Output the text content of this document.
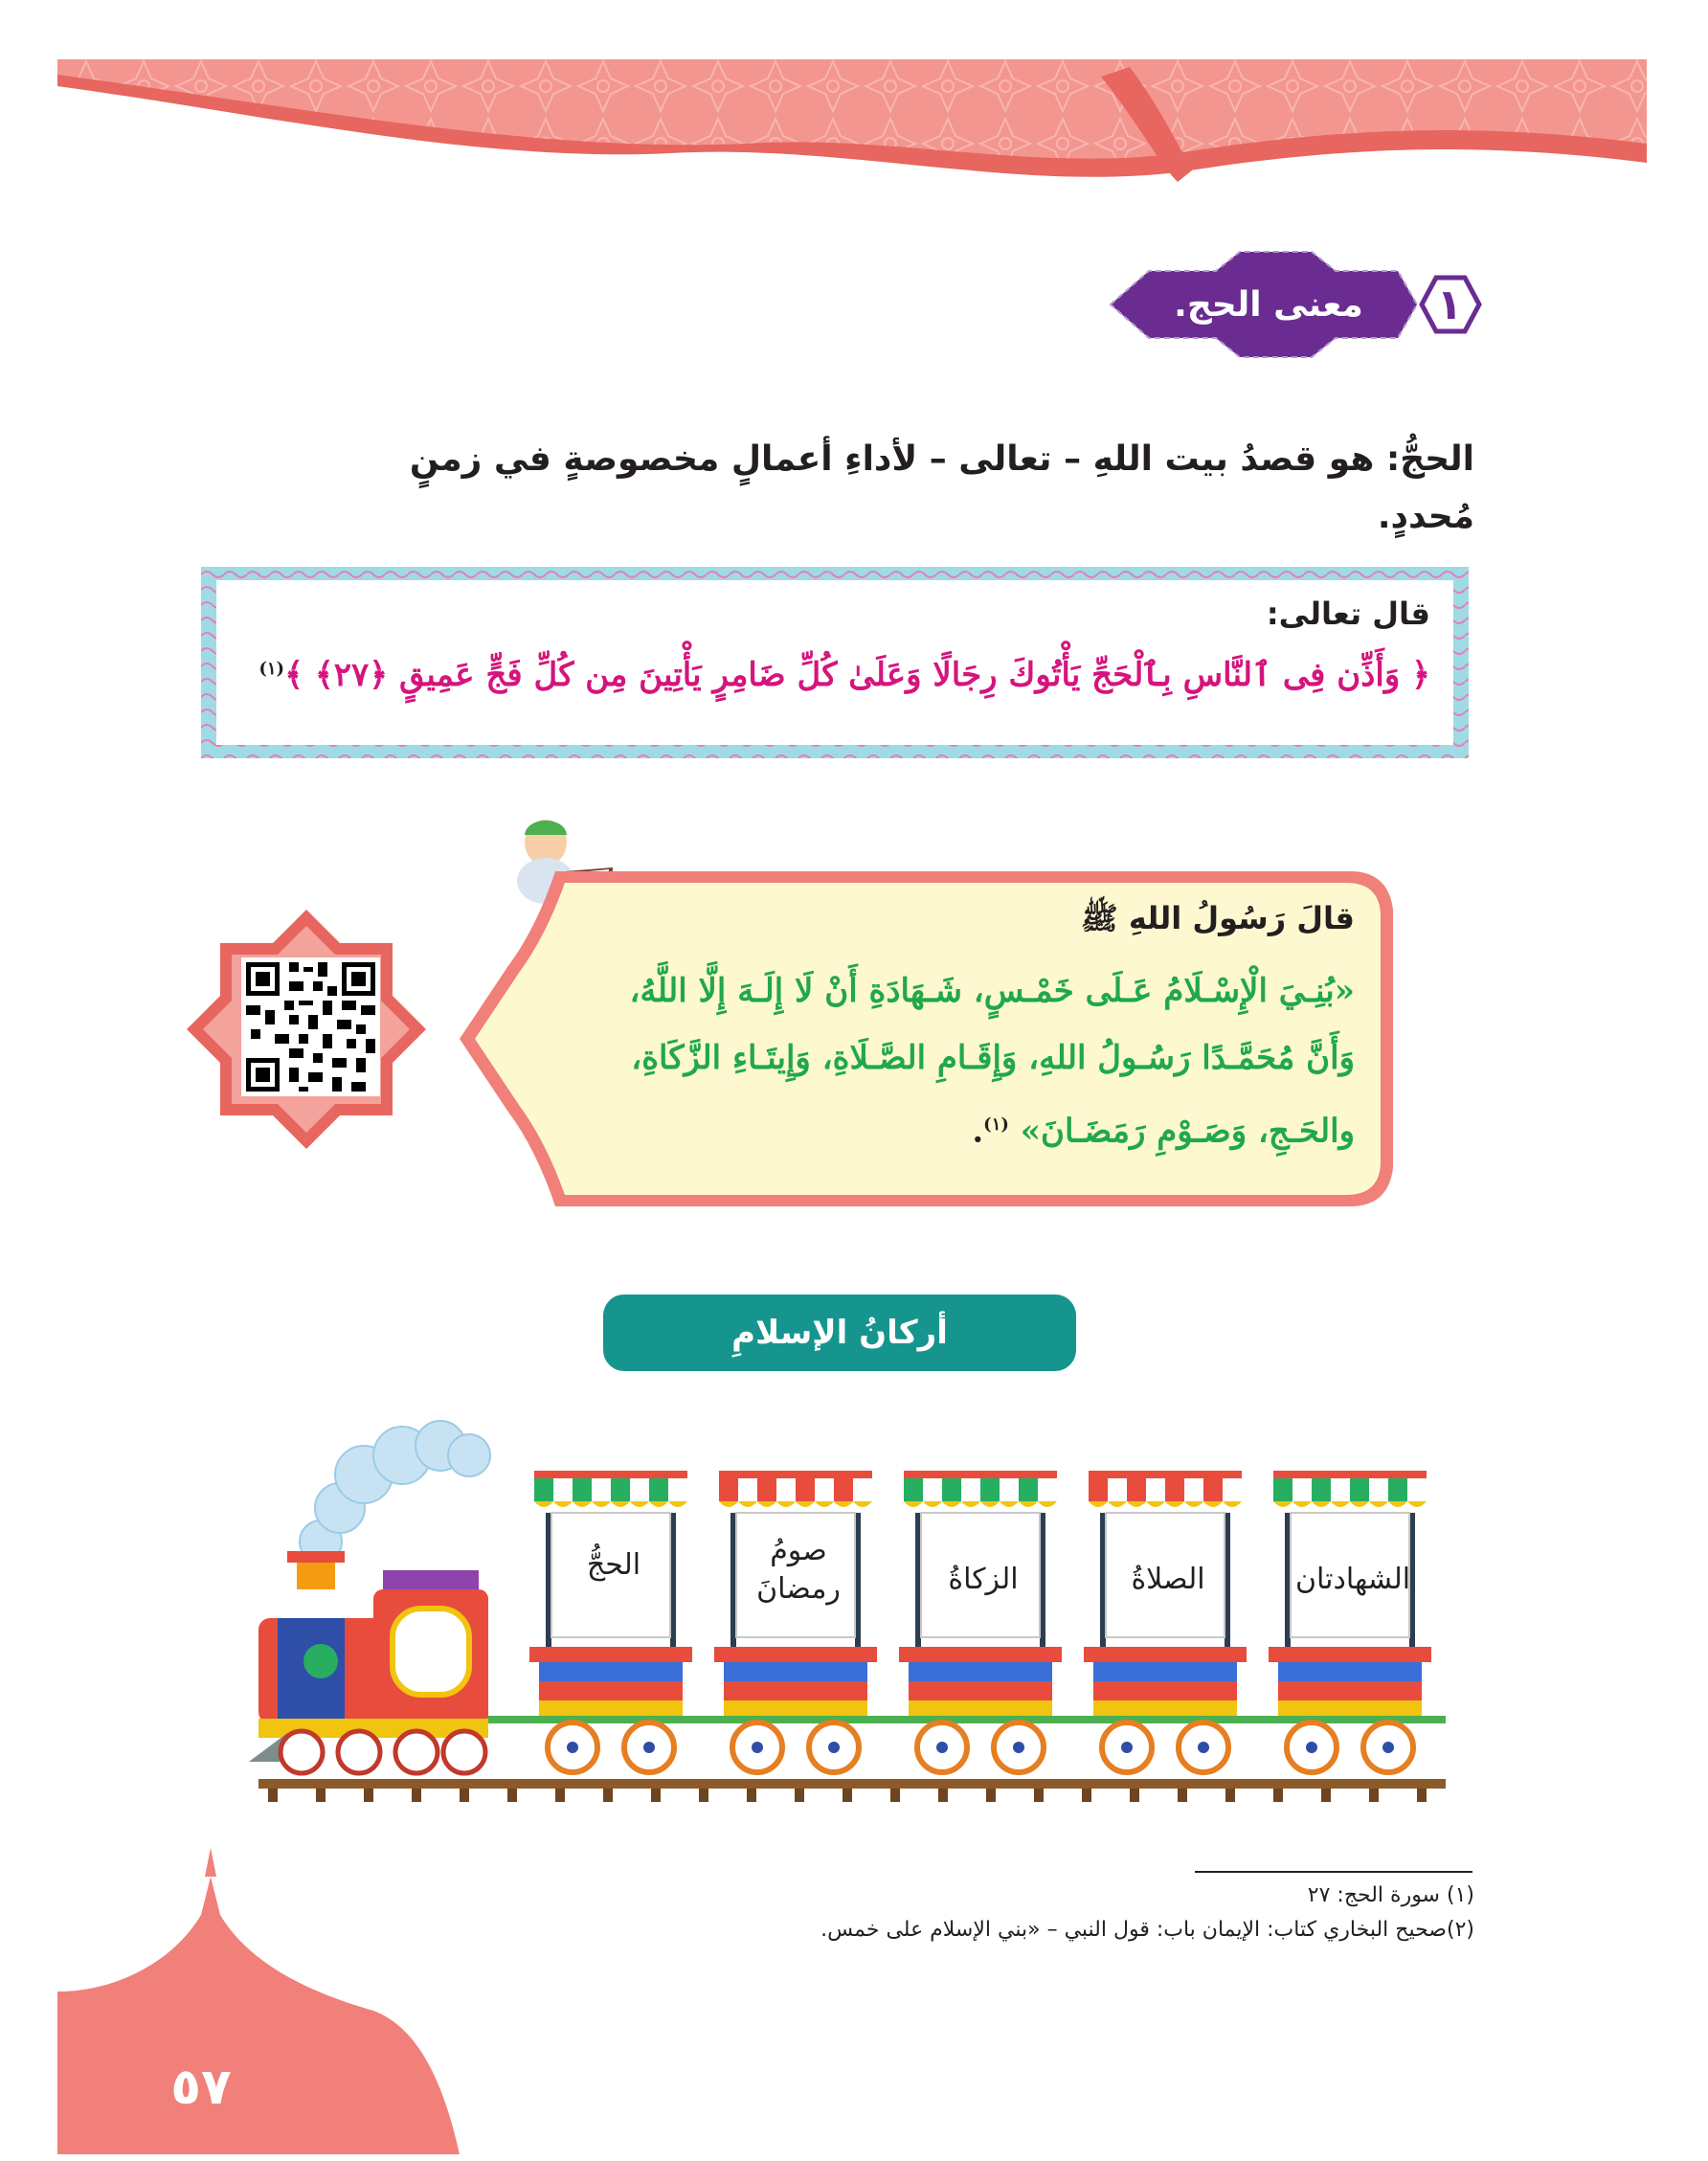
معنى الحج.	١
الحجُّ: هو قصدُ بيت اللهِ – تعالى – لأداءِ أعمالٍ مخصوصةٍ في زمنٍ مُحددٍ.
قال تعالى:
﴿ وَأَذِّن فِى ٱلنَّاسِ بِٱلْحَجِّ يَأْتُوكَ رِجَالًا وَعَلَىٰ كُلِّ ضَامِرٍ يَأْتِينَ مِن كُلِّ فَجٍّ عَمِيقٍ ﴿٢٧﴾ ﴾$^{(١)}$
قالَ رَسُولُ اللهِ ﷺ
«بُنِـيَ الْإِسْـلَامُ عَـلَى خَمْـسٍ، شَـهَادَةِ أَنْ لَا إِلَـهَ إِلَّا اللَّهُ،
وَأَنَّ مُحَمَّـدًا رَسُـولُ اللهِ، وَإِقَـامِ الصَّـلَاةِ، وَإِيتَـاءِ الزَّكَاةِ،
والحَـجِ، وَصَـوْمِ رَمَضَـانَ» $^{(١)}$.
أركانُ الإسلامِ
الشهادتان
الصلاةُ
الزكاةُ
صومُ
رمضانَ
الحجُّ
(١) سورة الحج: ٢٧
(٢)صحيح البخاري كتاب: الإيمان باب: قول النبي – «بني الإسلام على خمس.
٥٧
